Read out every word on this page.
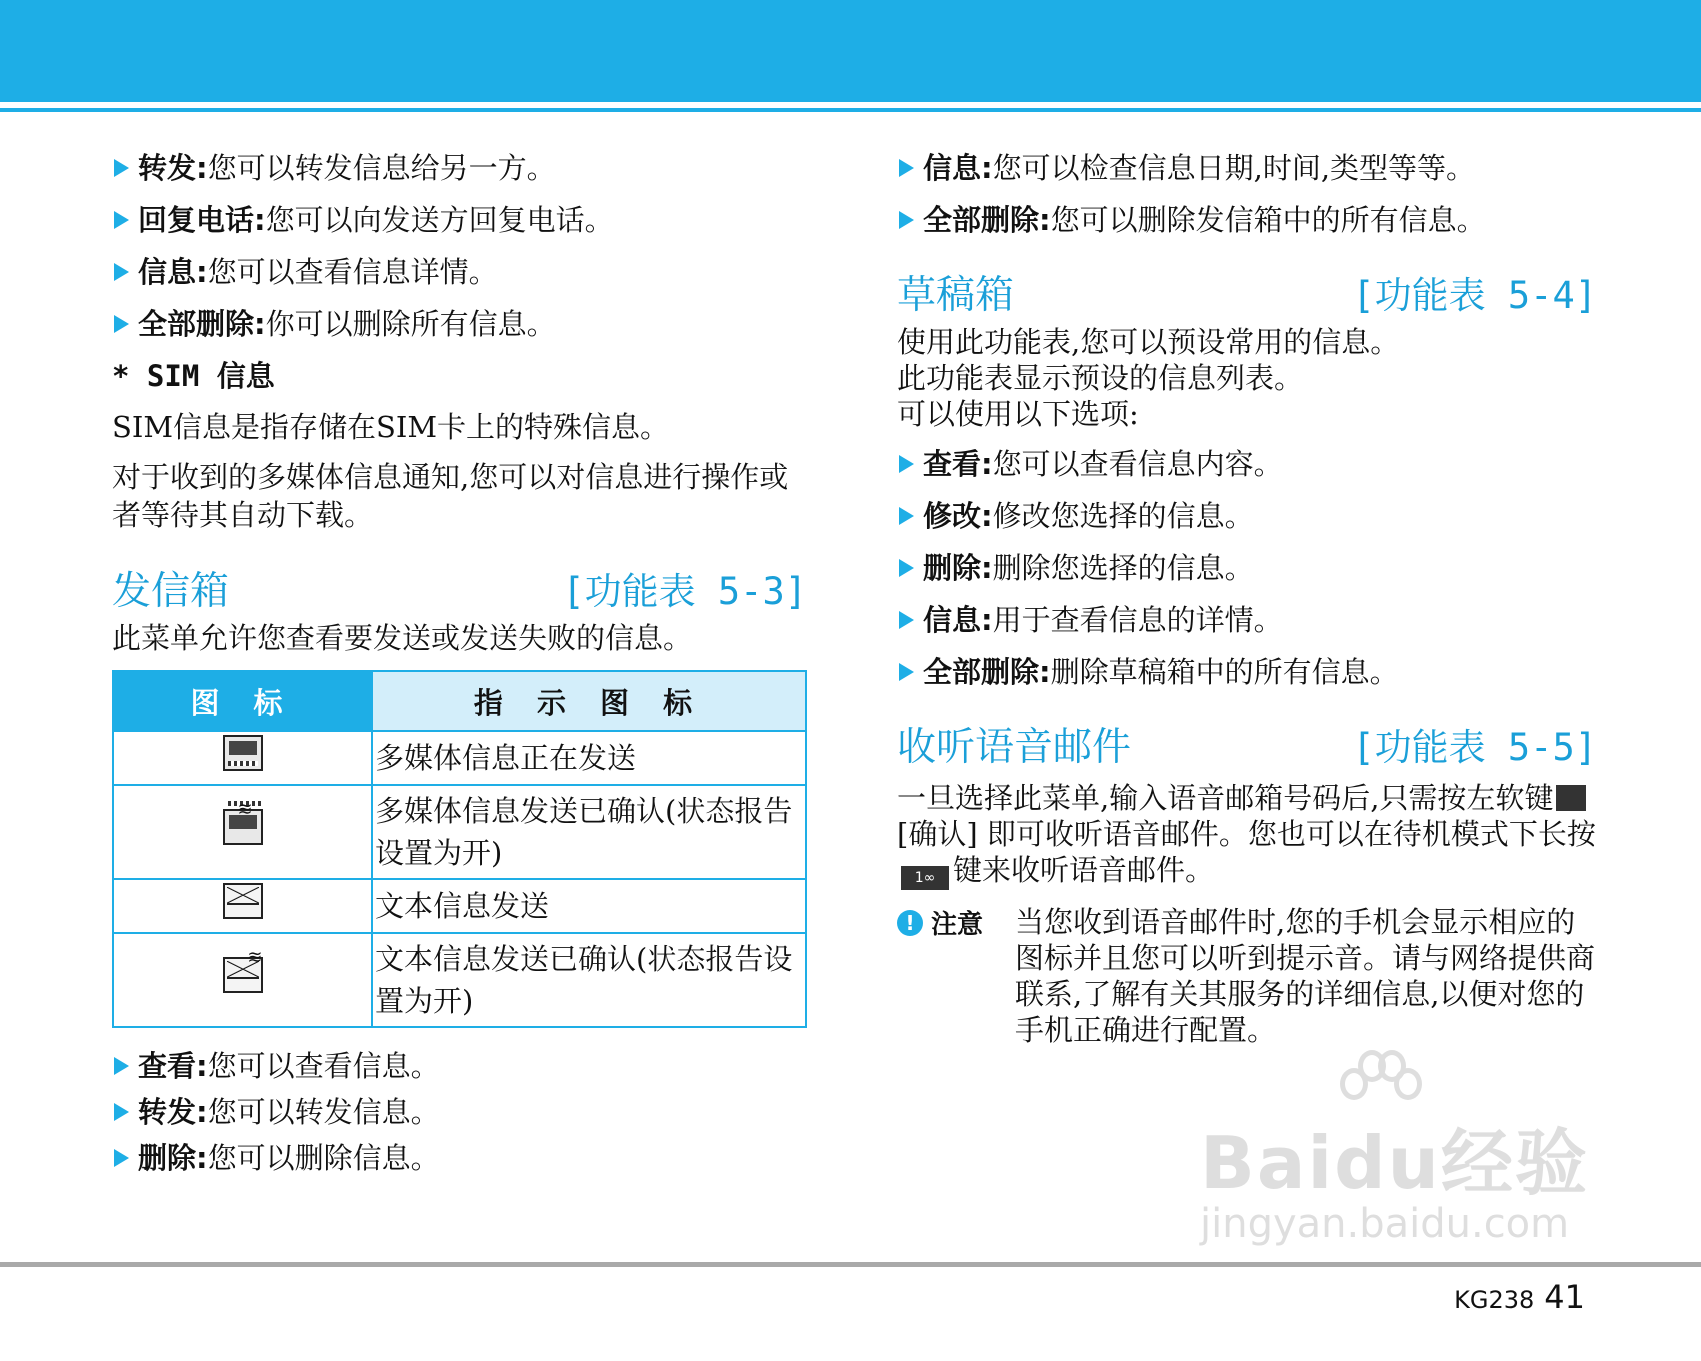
转发:您可以转发信息给另一方。
回复电话:您可以向发送方回复电话。
信息:您可以查看信息详情。
全部删除:你可以删除所有信息。
* SIM 信息

SIM信息是指存储在SIM卡上的特殊信息。

对于收到的多媒体信息通知,您可以对信息进行操作或者等待其自动下载。

发信箱	[功能表 5-3]

此菜单允许您查看要发送或发送失败的信息。

图 标	指 示 图 标
	多媒体信息正在发送
≋	多媒体信息发送已确认(状态报告设置为开)
	文本信息发送
≋	文本信息发送已确认(状态报告设置为开)
查看:您可以查看信息。
转发:您可以转发信息。
删除:您可以删除信息。
信息:您可以检查信息日期,时间,类型等等。
全部删除:您可以删除发信箱中的所有信息。
草稿箱	[功能表 5-4]

使用此功能表,您可以预设常用的信息。

此功能表显示预设的信息列表。

可以使用以下选项:

查看:您可以查看信息内容。
修改:修改您选择的信息。
删除:删除您选择的信息。
信息:用于查看信息的详情。
全部删除:删除草稿箱中的所有信息。
收听语音邮件	[功能表 5-5]

一旦选择此菜单,输入语音邮箱号码后,只需按左软键[确认] 即可收听语音邮件。您也可以在待机模式下长按1∞ 键来收听语音邮件。

! 注意 当您收到语音邮件时,您的手机会显示相应的图标并且您可以听到提示音。请与网络提供商联系,了解有关其服务的详细信息,以便对您的手机正确进行配置。
Baidu经验
jingyan.baidu.com
KG238 41
